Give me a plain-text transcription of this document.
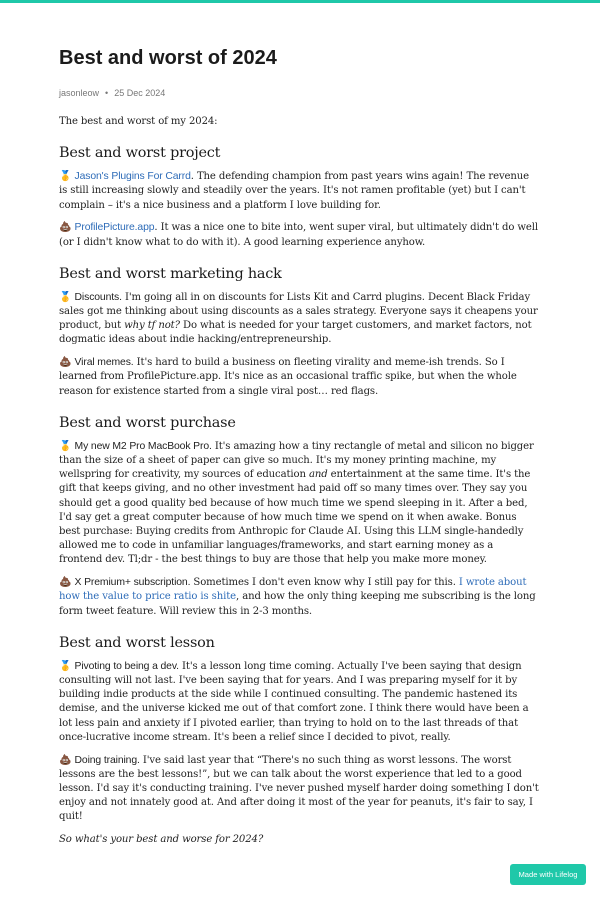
Best and worst of 2024
jasonleow • 25 Dec 2024

The best and worst of my 2024:

Best and worst project

🥇 Jason's Plugins For Carrd. The defending champion from past years wins again! The revenue is still increasing slowly and steadily over the years. It's not ramen profitable (yet) but I can't complain – it's a nice business and a platform I love building for.

💩 ProfilePicture.app. It was a nice one to bite into, went super viral, but ultimately didn't do well (or I didn't know what to do with it). A good learning experience anyhow.

Best and worst marketing hack

🥇 Discounts. I'm going all in on discounts for Lists Kit and Carrd plugins. Decent Black Friday sales got me thinking about using discounts as a sales strategy. Everyone says it cheapens your product, but why tf not? Do what is needed for your target customers, and market factors, not dogmatic ideas about indie hacking/entrepreneurship.

💩 Viral memes. It's hard to build a business on fleeting virality and meme-ish trends. So I learned from ProfilePicture.app. It's nice as an occasional traffic spike, but when the whole reason for existence started from a single viral post… red flags.

Best and worst purchase

🥇 My new M2 Pro MacBook Pro. It's amazing how a tiny rectangle of metal and silicon no bigger than the size of a sheet of paper can give so much. It's my money printing machine, my wellspring for creativity, my sources of education and entertainment at the same time. It's the gift that keeps giving, and no other investment had paid off so many times over. They say you should get a good quality bed because of how much time we spend sleeping in it. After a bed, I'd say get a great computer because of how much time we spend on it when awake. Bonus best purchase: Buying credits from Anthropic for Claude AI. Using this LLM single-handedly allowed me to code in unfamiliar languages/frameworks, and start earning money as a frontend dev. Tl;dr - the best things to buy are those that help you make more money.

💩 X Premium+ subscription. Sometimes I don't even know why I still pay for this. I wrote about how the value to price ratio is shite, and how the only thing keeping me subscribing is the long form tweet feature. Will review this in 2-3 months.

Best and worst lesson

🥇 Pivoting to being a dev. It's a lesson long time coming. Actually I've been saying that design consulting will not last. I've been saying that for years. And I was preparing myself for it by building indie products at the side while I continued consulting. The pandemic hastened its demise, and the universe kicked me out of that comfort zone. I think there would have been a lot less pain and anxiety if I pivoted earlier, than trying to hold on to the last threads of that once-lucrative income stream. It's been a relief since I decided to pivot, really.

💩 Doing training. I've said last year that “There's no such thing as worst lessons. The worst lessons are the best lessons!”, but we can talk about the worst experience that led to a good lesson. I'd say it's conducting training. I've never pushed myself harder doing something I don't enjoy and not innately good at. And after doing it most of the year for peanuts, it's fair to say, I quit!

So what's your best and worse for 2024?

Made with Lifelog
